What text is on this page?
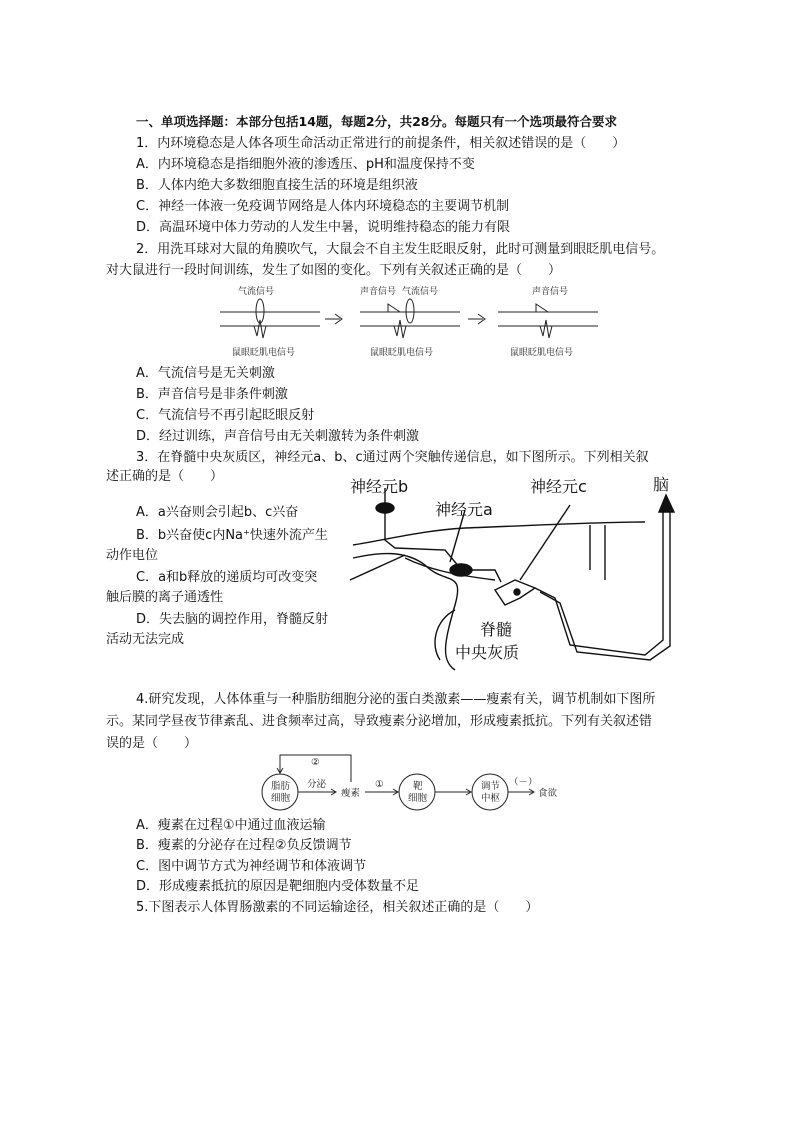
一、单项选择题：本部分包括14题，每题2分，共28分。每题只有一个选项最符合要求
1．内环境稳态是人体各项生命活动正常进行的前提条件，相关叙述错误的是（　　）
A．内环境稳态是指细胞外液的渗透压、pH和温度保持不变
B．人体内绝大多数细胞直接生活的环境是组织液
C．神经一体液一免疫调节网络是人体内环境稳态的主要调节机制
D．高温环境中体力劳动的人发生中暑，说明维持稳态的能力有限
2．用洗耳球对大鼠的角膜吹气，大鼠会不自主发生眨眼反射，此时可测量到眼眨肌电信号。
对大鼠进行一段时间训练，发生了如图的变化。下列有关叙述正确的是（　　）
气流信号
鼠眼眨肌电信号
声音信号 气流信号
鼠眼眨肌电信号
声音信号
鼠眼眨肌电信号
A．气流信号是无关刺激
B．声音信号是非条件刺激
C．气流信号不再引起眨眼反射
D．经过训练，声音信号由无关刺激转为条件刺激
3．在脊髓中央灰质区，神经元a、b、c通过两个突触传递信息，如下图所示。下列相关叙
述正确的是（　　）
A．a兴奋则会引起b、c兴奋
B．b兴奋使c内Na⁺快速外流产生
动作电位
C．a和b释放的递质均可改变突
触后膜的离子通透性
D．失去脑的调控作用，脊髓反射
活动无法完成
神经元b	神经元c
神经元a
脑
脊髓
中央灰质
4.研究发现，人体体重与一种脂肪细胞分泌的蛋白类激素——瘦素有关，调节机制如下图所
示。某同学昼夜节律紊乱、进食频率过高，导致瘦素分泌增加，形成瘦素抵抗。下列有关叙述错
误的是（　　）
脂肪
细胞
分泌
瘦素
①
②
靶
细胞
调节
中枢
（－）
食欲
A．瘦素在过程①中通过血液运输
B．瘦素的分泌存在过程②负反馈调节
C．图中调节方式为神经调节和体液调节
D．形成瘦素抵抗的原因是靶细胞内受体数量不足
5.下图表示人体胃肠激素的不同运输途径，相关叙述正确的是（　　）
